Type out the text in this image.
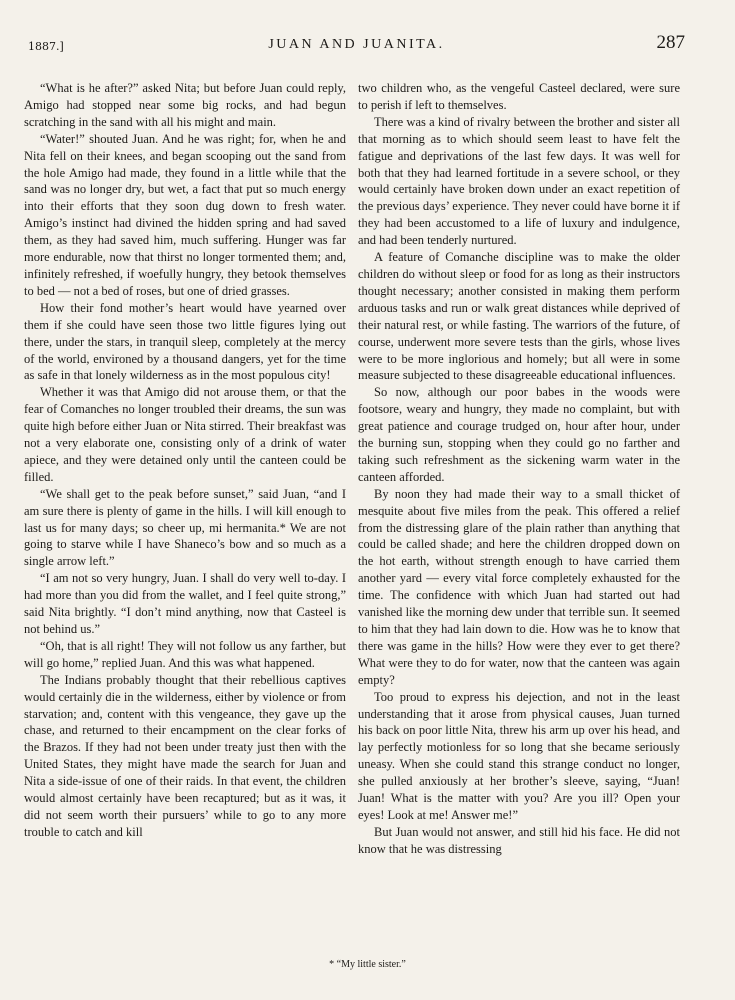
1887.]	JUAN AND JUANITA.	287

“What is he after?” asked Nita; but before Juan could reply, Amigo had stopped near some big rocks, and had begun scratching in the sand with all his might and main.

“Water!” shouted Juan. And he was right; for, when he and Nita fell on their knees, and began scooping out the sand from the hole Amigo had made, they found in a little while that the sand was no longer dry, but wet, a fact that put so much energy into their efforts that they soon dug down to fresh water. Amigo’s instinct had divined the hidden spring and had saved them, as they had saved him, much suffering. Hunger was far more endurable, now that thirst no longer tormented them; and, infinitely refreshed, if woefully hungry, they betook themselves to bed — not a bed of roses, but one of dried grasses.

How their fond mother’s heart would have yearned over them if she could have seen those two little figures lying out there, under the stars, in tranquil sleep, completely at the mercy of the world, environed by a thousand dangers, yet for the time as safe in that lonely wilderness as in the most populous city!

Whether it was that Amigo did not arouse them, or that the fear of Comanches no longer troubled their dreams, the sun was quite high before either Juan or Nita stirred. Their breakfast was not a very elaborate one, consisting only of a drink of water apiece, and they were detained only until the canteen could be filled.

“We shall get to the peak before sunset,” said Juan, “and I am sure there is plenty of game in the hills. I will kill enough to last us for many days; so cheer up, mi hermanita.* We are not going to starve while I have Shaneco’s bow and so much as a single arrow left.”

“I am not so very hungry, Juan. I shall do very well to-day. I had more than you did from the wallet, and I feel quite strong,” said Nita brightly. “I don’t mind anything, now that Casteel is not behind us.”

“Oh, that is all right! They will not follow us any farther, but will go home,” replied Juan. And this was what happened.

The Indians probably thought that their rebellious captives would certainly die in the wilderness, either by violence or from starvation; and, content with this vengeance, they gave up the chase, and returned to their encampment on the clear forks of the Brazos. If they had not been under treaty just then with the United States, they might have made the search for Juan and Nita a side-issue of one of their raids. In that event, the children would almost certainly have been recaptured; but as it was, it did not seem worth their pursuers’ while to go to any more trouble to catch and kill

two children who, as the vengeful Casteel declared, were sure to perish if left to themselves.

There was a kind of rivalry between the brother and sister all that morning as to which should seem least to have felt the fatigue and deprivations of the last few days. It was well for both that they had learned fortitude in a severe school, or they would certainly have broken down under an exact repetition of the previous days’ experience. They never could have borne it if they had been accustomed to a life of luxury and indulgence, and had been tenderly nurtured.

A feature of Comanche discipline was to make the older children do without sleep or food for as long as their instructors thought necessary; another consisted in making them perform arduous tasks and run or walk great distances while deprived of their natural rest, or while fasting. The warriors of the future, of course, underwent more severe tests than the girls, whose lives were to be more inglorious and homely; but all were in some measure subjected to these disagreeable educational influences.

So now, although our poor babes in the woods were footsore, weary and hungry, they made no complaint, but with great patience and courage trudged on, hour after hour, under the burning sun, stopping when they could go no farther and taking such refreshment as the sickening warm water in the canteen afforded.

By noon they had made their way to a small thicket of mesquite about five miles from the peak. This offered a relief from the distressing glare of the plain rather than anything that could be called shade; and here the children dropped down on the hot earth, without strength enough to have carried them another yard — every vital force completely exhausted for the time. The confidence with which Juan had started out had vanished like the morning dew under that terrible sun. It seemed to him that they had lain down to die. How was he to know that there was game in the hills? How were they ever to get there? What were they to do for water, now that the canteen was again empty?

Too proud to express his dejection, and not in the least understanding that it arose from physical causes, Juan turned his back on poor little Nita, threw his arm up over his head, and lay perfectly motionless for so long that she became seriously uneasy. When she could stand this strange conduct no longer, she pulled anxiously at her brother’s sleeve, saying, “Juan! Juan! What is the matter with you? Are you ill? Open your eyes! Look at me! Answer me!”

But Juan would not answer, and still hid his face. He did not know that he was distressing

* “My little sister.”
